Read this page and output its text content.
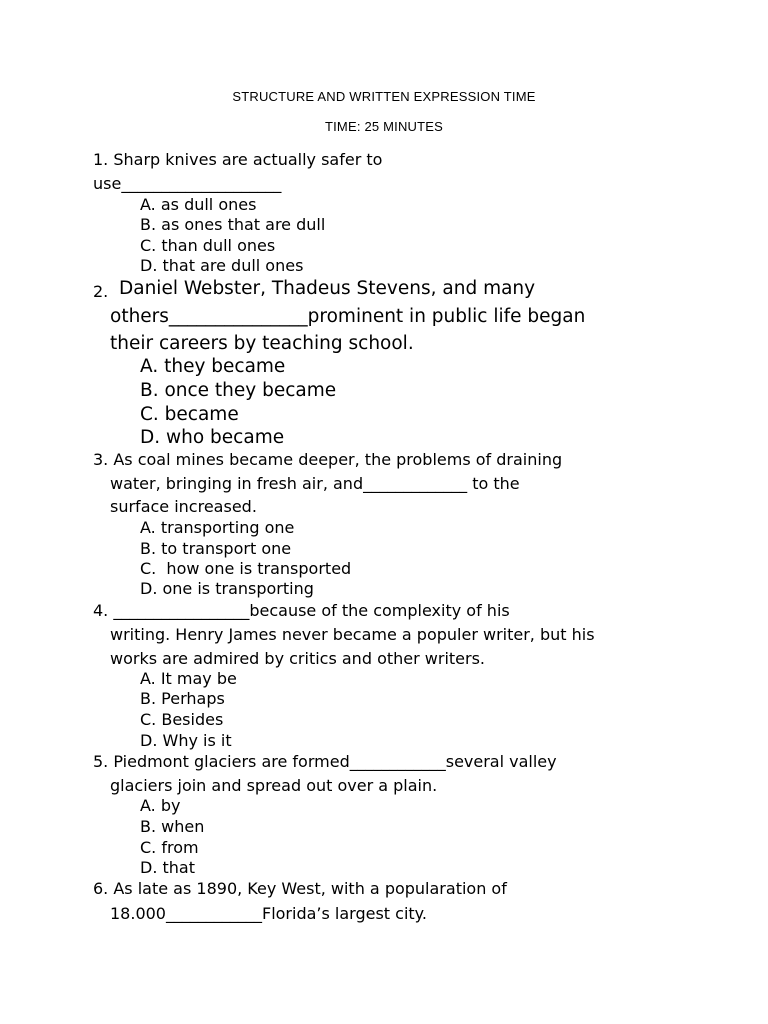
STRUCTURE AND WRITTEN EXPRESSION TIME
TIME: 25 MINUTES
1. Sharp knives are actually safer to
use____________________
A. as dull ones
B. as ones that are dull
C. than dull ones
D. that are dull ones
2. Daniel Webster, Thadeus Stevens, and many
others_______________prominent in public life began
their careers by teaching school.
A. they became
B. once they became
C. became
D. who became
3. As coal mines became deeper, the problems of draining
water, bringing in fresh air, and_____________ to the
surface increased.
A. transporting one
B. to transport one
C.  how one is transported
D. one is transporting
4. _________________because of the complexity of his
writing. Henry James never became a populer writer, but his
works are admired by critics and other writers.
A. It may be
B. Perhaps
C. Besides
D. Why is it
5. Piedmont glaciers are formed____________several valley
glaciers join and spread out over a plain.
A. by
B. when
C. from
D. that
6. As late as 1890, Key West, with a popularation of
18.000____________Florida’s largest city.
